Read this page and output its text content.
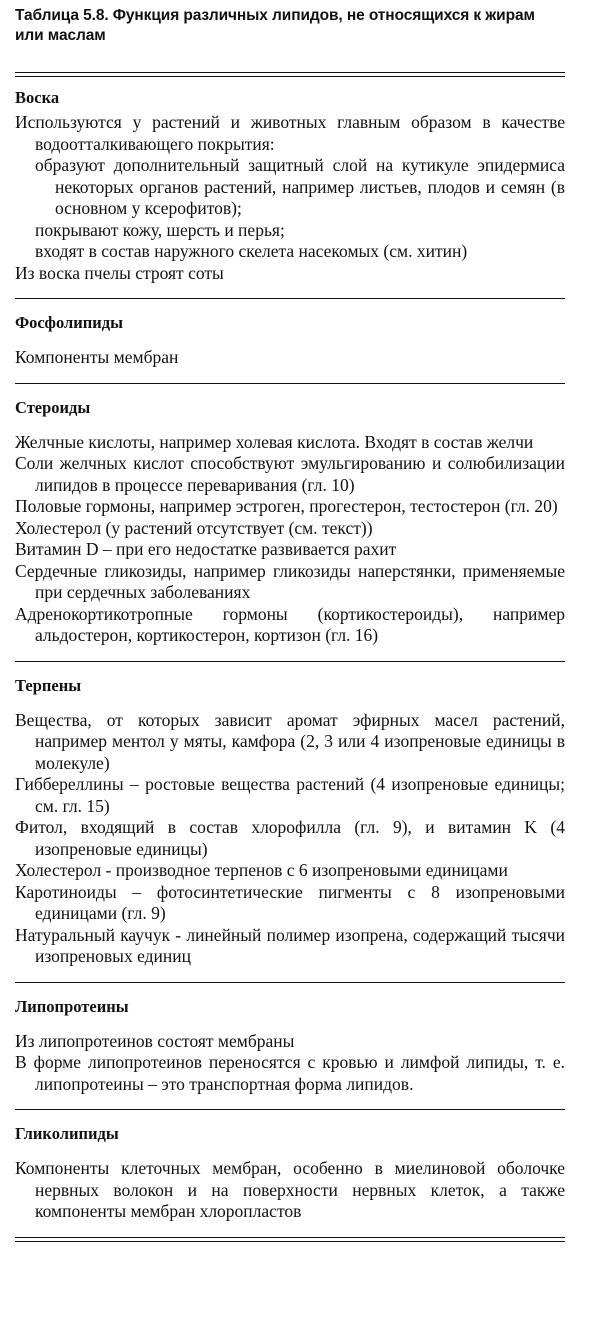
Таблица 5.8. Функция различных липидов, не относящихся к жирам или маслам
Воска
Используются у растений и животных главным образом в качестве водоотталкивающего покрытия:
образуют дополнительный защитный слой на кутикуле эпидермиса некоторых органов растений, например листьев, плодов и семян (в основном у ксерофитов);
покрывают кожу, шерсть и перья;
входят в состав наружного скелета насекомых (см. хитин)
Из воска пчелы строят соты
Фосфолипиды
Компоненты мембран
Стероиды
Желчные кислоты, например холевая кислота. Входят в состав желчи
Соли желчных кислот способствуют эмульгированию и солюбилизации липидов в процессе переваривания (гл. 10)
Половые гормоны, например эстроген, прогестерон, тестостерон (гл. 20)
Холестерол (у растений отсутствует (см. текст))
Витамин D – при его недостатке развивается рахит
Сердечные гликозиды, например гликозиды наперстянки, применяемые при сердечных заболеваниях
Адренокортикотропные гормоны (кортикостероиды), например альдостерон, кортикостерон, кортизон (гл. 16)
Терпены
Вещества, от которых зависит аромат эфирных масел растений, например ментол у мяты, камфора (2, 3 или 4 изопреновые единицы в молекуле)
Гиббереллины – ростовые вещества растений (4 изопреновые единицы; см. гл. 15)
Фитол, входящий в состав хлорофилла (гл. 9), и витамин K (4 изопреновые единицы)
Холестерол - производное терпенов с 6 изопреновыми единицами
Каротиноиды – фотосинтетические пигменты с 8 изопреновыми единицами (гл. 9)
Натуральный каучук - линейный полимер изопрена, содержащий тысячи изопреновых единиц
Липопротеины
Из липопротеинов состоят мембраны
В форме липопротеинов переносятся с кровью и лимфой липиды, т. е. липопротеины – это транспортная форма липидов.
Гликолипиды
Компоненты клеточных мембран, особенно в миелиновой оболочке нервных волокон и на поверхности нервных клеток, а также компоненты мембран хлоропластов
